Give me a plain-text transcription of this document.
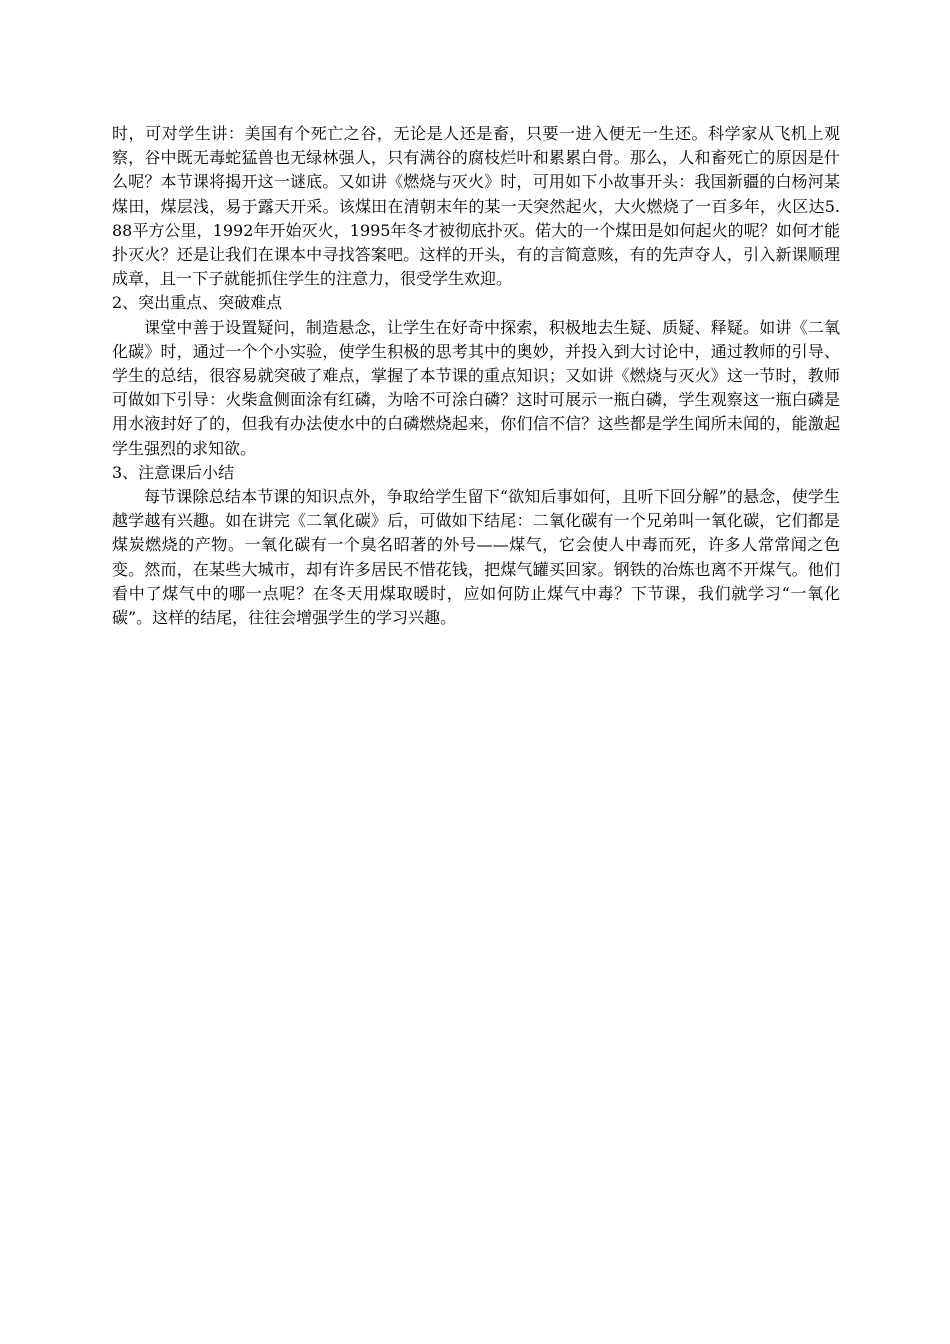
时，可对学生讲：美国有个死亡之谷，无论是人还是畜，只要一进入便无一生还。科学家从飞机上观察，谷中既无毒蛇猛兽也无绿林强人，只有满谷的腐枝烂叶和累累白骨。那么，人和畜死亡的原因是什么呢？本节课将揭开这一谜底。又如讲《燃烧与灭火》时，可用如下小故事开头：我国新疆的白杨河某煤田，煤层浅，易于露天开采。该煤田在清朝末年的某一天突然起火，大火燃烧了一百多年，火区达5.88平方公里，1992年开始灭火，1995年冬才被彻底扑灭。偌大的一个煤田是如何起火的呢？如何才能扑灭火？还是让我们在课本中寻找答案吧。这样的开头，有的言简意赅，有的先声夺人，引入新课顺理成章，且一下子就能抓住学生的注意力，很受学生欢迎。

2、突出重点、突破难点

课堂中善于设置疑问，制造悬念，让学生在好奇中探索，积极地去生疑、质疑、释疑。如讲《二氧化碳》时，通过一个个小实验，使学生积极的思考其中的奥妙，并投入到大讨论中，通过教师的引导、学生的总结，很容易就突破了难点，掌握了本节课的重点知识；又如讲《燃烧与灭火》这一节时，教师可做如下引导：火柴盒侧面涂有红磷，为啥不可涂白磷？这时可展示一瓶白磷，学生观察这一瓶白磷是用水液封好了的，但我有办法使水中的白磷燃烧起来，你们信不信？这些都是学生闻所未闻的，能激起学生强烈的求知欲。

3、注意课后小结

每节课除总结本节课的知识点外，争取给学生留下“欲知后事如何，且听下回分解”的悬念，使学生越学越有兴趣。如在讲完《二氧化碳》后，可做如下结尾：二氧化碳有一个兄弟叫一氧化碳，它们都是煤炭燃烧的产物。一氧化碳有一个臭名昭著的外号——煤气，它会使人中毒而死，许多人常常闻之色变。然而，在某些大城市，却有许多居民不惜花钱，把煤气罐买回家。钢铁的冶炼也离不开煤气。他们看中了煤气中的哪一点呢？在冬天用煤取暖时，应如何防止煤气中毒？下节课，我们就学习“一氧化碳”。这样的结尾，往往会增强学生的学习兴趣。
